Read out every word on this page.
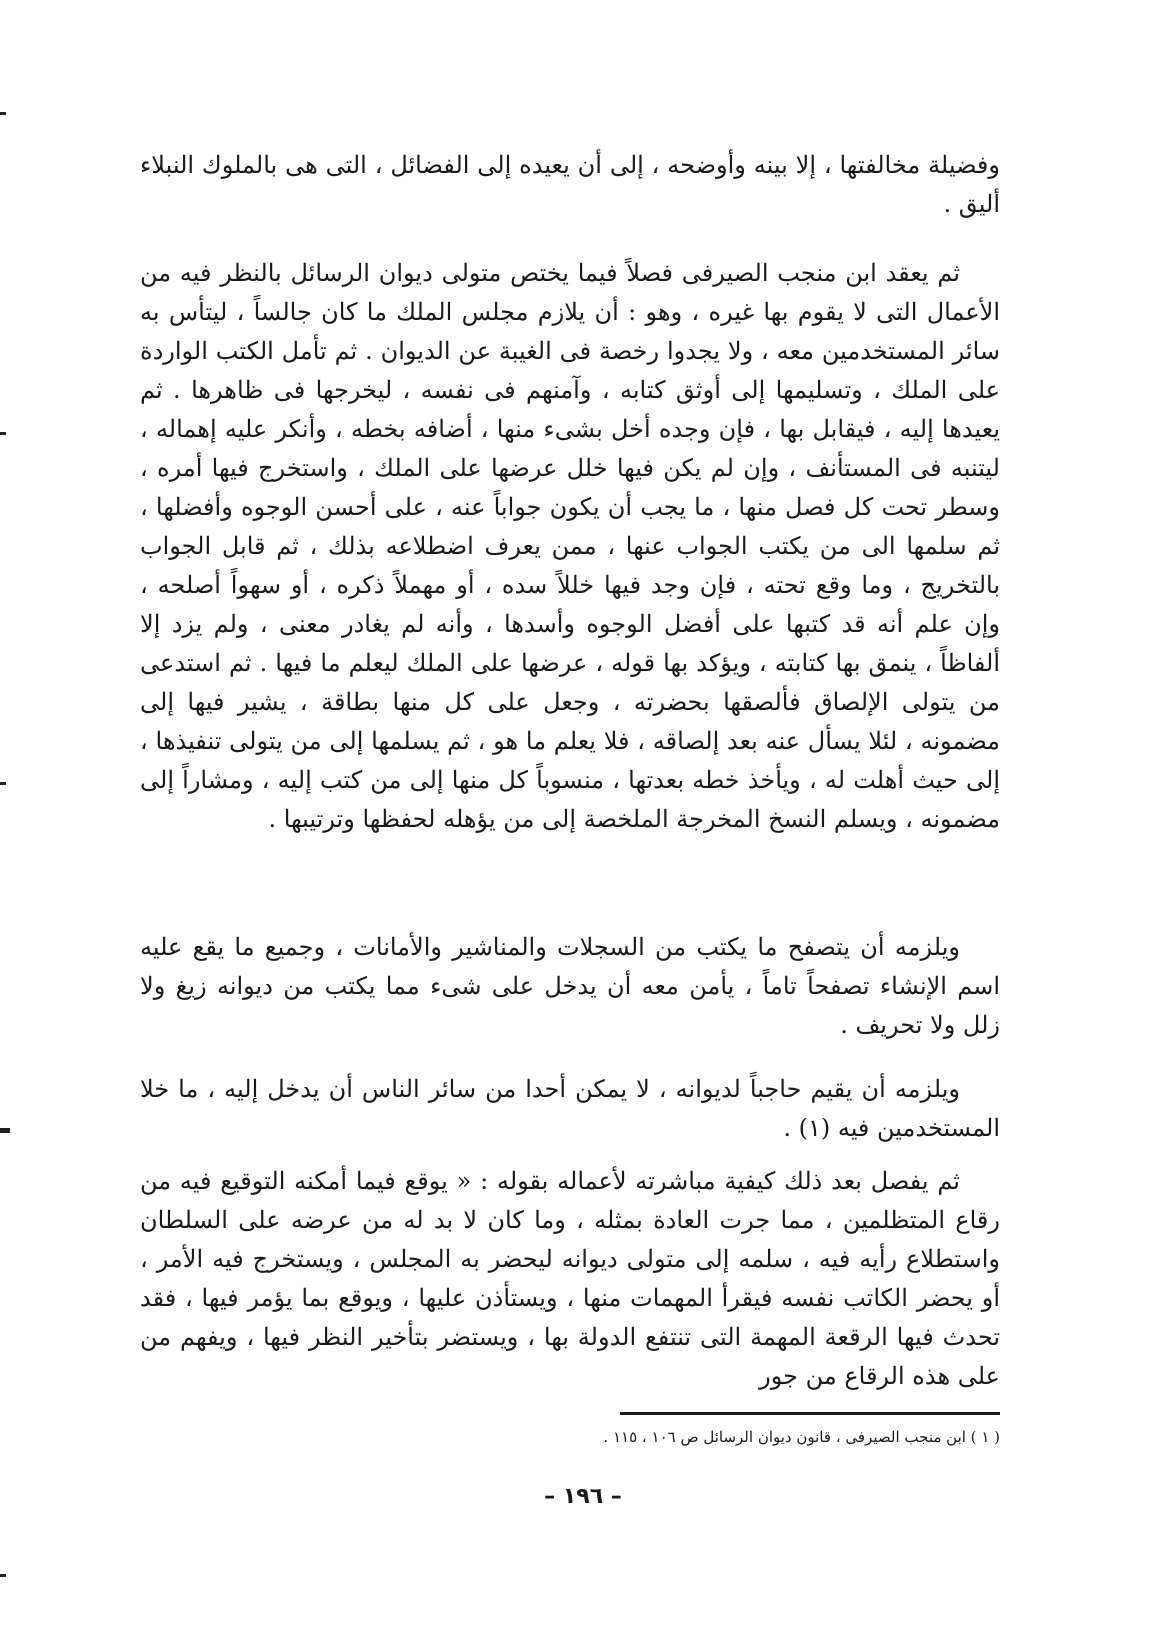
وفضيلة مخالفتها ، إلا بينه وأوضحه ، إلى أن يعيده إلى الفضائل ، التى هى بالملوك النبلاء أليق .

ثم يعقد ابن منجب الصيرفى فصلاً فيما يختص متولى ديوان الرسائل بالنظر فيه من الأعمال التى لا يقوم بها غيره ، وهو : أن يلازم مجلس الملك ما كان جالساً ، ليتأس به سائر المستخدمين معه ، ولا يجدوا رخصة فى الغيبة عن الديوان . ثم تأمل الكتب الواردة على الملك ، وتسليمها إلى أوثق كتابه ، وآمنهم فى نفسه ، ليخرجها فى ظاهرها . ثم يعيدها إليه ، فيقابل بها ، فإن وجده أخل بشىء منها ، أضافه بخطه ، وأنكر عليه إهماله ، ليتنبه فى المستأنف ، وإن لم يكن فيها خلل عرضها على الملك ، واستخرج فيها أمره ، وسطر تحت كل فصل منها ، ما يجب أن يكون جواباً عنه ، على أحسن الوجوه وأفضلها ، ثم سلمها الى من يكتب الجواب عنها ، ممن يعرف اضطلاعه بذلك ، ثم قابل الجواب بالتخريج ، وما وقع تحته ، فإن وجد فيها خللاً سده ، أو مهملاً ذكره ، أو سهواً أصلحه ، وإن علم أنه قد كتبها على أفضل الوجوه وأسدها ، وأنه لم يغادر معنى ، ولم يزد إلا ألفاظاً ، ينمق بها كتابته ، ويؤكد بها قوله ، عرضها على الملك ليعلم ما فيها . ثم استدعى من يتولى الإلصاق فألصقها بحضرته ، وجعل على كل منها بطاقة ، يشير فيها إلى مضمونه ، لئلا يسأل عنه بعد إلصاقه ، فلا يعلم ما هو ، ثم يسلمها إلى من يتولى تنفيذها ، إلى حيث أهلت له ، ويأخذ خطه بعدتها ، منسوباً كل منها إلى من كتب إليه ، ومشاراً إلى مضمونه ، ويسلم النسخ المخرجة الملخصة إلى من يؤهله لحفظها وترتيبها .

ويلزمه أن يتصفح ما يكتب من السجلات والمناشير والأمانات ، وجميع ما يقع عليه اسم الإنشاء تصفحاً تاماً ، يأمن معه أن يدخل على شىء مما يكتب من ديوانه زيغ ولا زلل ولا تحريف .

ويلزمه أن يقيم حاجباً لديوانه ، لا يمكن أحدا من سائر الناس أن يدخل إليه ، ما خلا المستخدمين فيه (١) .

ثم يفصل بعد ذلك كيفية مباشرته لأعماله بقوله : « يوقع فيما أمكنه التوقيع فيه من رقاع المتظلمين ، مما جرت العادة بمثله ، وما كان لا بد له من عرضه على السلطان واستطلاع رأيه فيه ، سلمه إلى متولى ديوانه ليحضر به المجلس ، ويستخرج فيه الأمر ، أو يحضر الكاتب نفسه فيقرأ المهمات منها ، ويستأذن عليها ، ويوقع بما يؤمر فيها ، فقد تحدث فيها الرقعة المهمة التى تنتفع الدولة بها ، ويستضر بتأخير النظر فيها ، ويفهم من على هذه الرقاع من جور

( ١ ) ابن منجب الصيرفى ، قانون ديوان الرسائل ص ١٠٦ ، ١١٥ .
– ١٩٦ –
